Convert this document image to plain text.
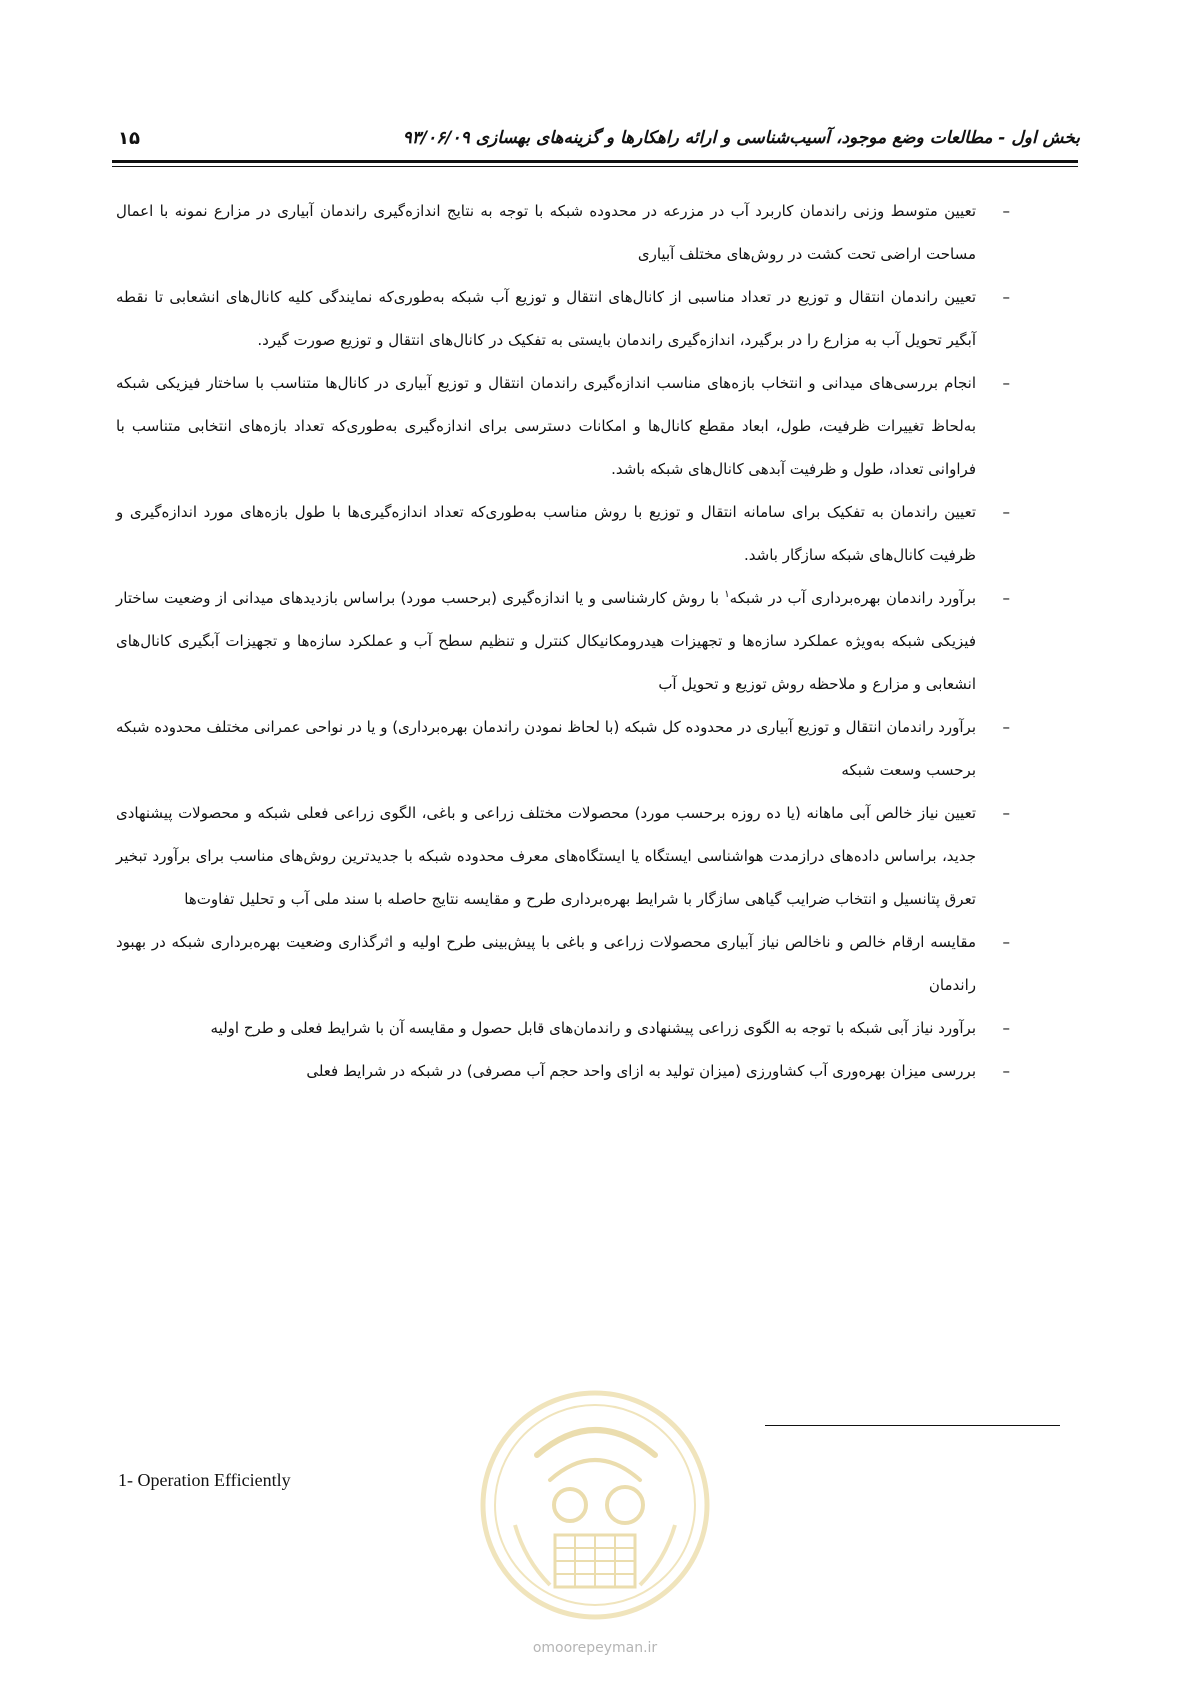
بخش اول - مطالعات وضع موجود، آسیب‌شناسی و ارائه راهکارها و گزینه‌های بهسازی ۹۳/۰۶/۰۹
۱۵
–
تعیین متوسط وزنی راندمان کاربرد آب در مزرعه در محدوده شبکه با توجه به نتایج اندازه‌گیری راندمان آبیاری در مزارع نمونه با اعمال مساحت اراضی تحت کشت در روش‌های مختلف آبیاری
–
تعیین راندمان انتقال و توزیع در تعداد مناسبی از کانال‌های انتقال و توزیع آب شبکه به‌طوری‌که نمایندگی کلیه کانال‌های انشعابی تا نقطه آبگیر تحویل آب به مزارع را در برگیرد، اندازه‌گیری راندمان بایستی به تفکیک در کانال‌های انتقال و توزیع صورت گیرد.
–
انجام بررسی‌های میدانی و انتخاب بازه‌های مناسب اندازه‌گیری راندمان انتقال و توزیع آبیاری در کانال‌ها متناسب با ساختار فیزیکی شبکه به‌لحاظ تغییرات ظرفیت، طول، ابعاد مقطع کانال‌ها و امکانات دسترسی برای اندازه‌گیری به‌طوری‌که تعداد بازه‌های انتخابی متناسب با فراوانی تعداد، طول و ظرفیت آبدهی کانال‌های شبکه باشد.
–
تعیین راندمان به تفکیک برای سامانه انتقال و توزیع با روش مناسب به‌طوری‌که تعداد اندازه‌گیری‌ها با طول بازه‌های مورد اندازه‌گیری و ظرفیت کانال‌های شبکه سازگار باشد.
–
برآورد راندمان بهره‌برداری آب در شبکه$^۱$ با روش کارشناسی و یا اندازه‌گیری (برحسب مورد) براساس بازدیدهای میدانی از وضعیت ساختار فیزیکی شبکه به‌ویژه عملکرد سازه‌ها و تجهیزات هیدرومکانیکال کنترل و تنظیم سطح آب و عملکرد سازه‌ها و تجهیزات آبگیری کانال‌های انشعابی و مزارع و ملاحظه روش توزیع و تحویل آب
–
برآورد راندمان انتقال و توزیع آبیاری در محدوده کل شبکه (با لحاظ نمودن راندمان بهره‌برداری) و یا در نواحی عمرانی مختلف محدوده شبکه برحسب وسعت شبکه
–
تعیین نیاز خالص آبی ماهانه (یا ده روزه برحسب مورد) محصولات مختلف زراعی و باغی، الگوی زراعی فعلی شبکه و محصولات پیشنهادی جدید، براساس داده‌های درازمدت هواشناسی ایستگاه یا ایستگاه‌های معرف محدوده شبکه با جدیدترین روش‌های مناسب برای برآورد تبخیر تعرق پتانسیل و انتخاب ضرایب گیاهی سازگار با شرایط بهره‌برداری طرح و مقایسه نتایج حاصله با سند ملی آب و تحلیل تفاوت‌ها
–
مقایسه ارقام خالص و ناخالص نیاز آبیاری محصولات زراعی و باغی با پیش‌بینی طرح اولیه و اثرگذاری وضعیت بهره‌برداری شبکه در بهبود راندمان
–
برآورد نیاز آبی شبکه با توجه به الگوی زراعی پیشنهادی و راندمان‌های قابل حصول و مقایسه آن با شرایط فعلی و طرح اولیه
–
بررسی میزان بهره‌وری آب کشاورزی (میزان تولید به ازای واحد حجم آب مصرفی) در شبکه در شرایط فعلی
1- Operation Efficiently
omoorepeyman.ir
